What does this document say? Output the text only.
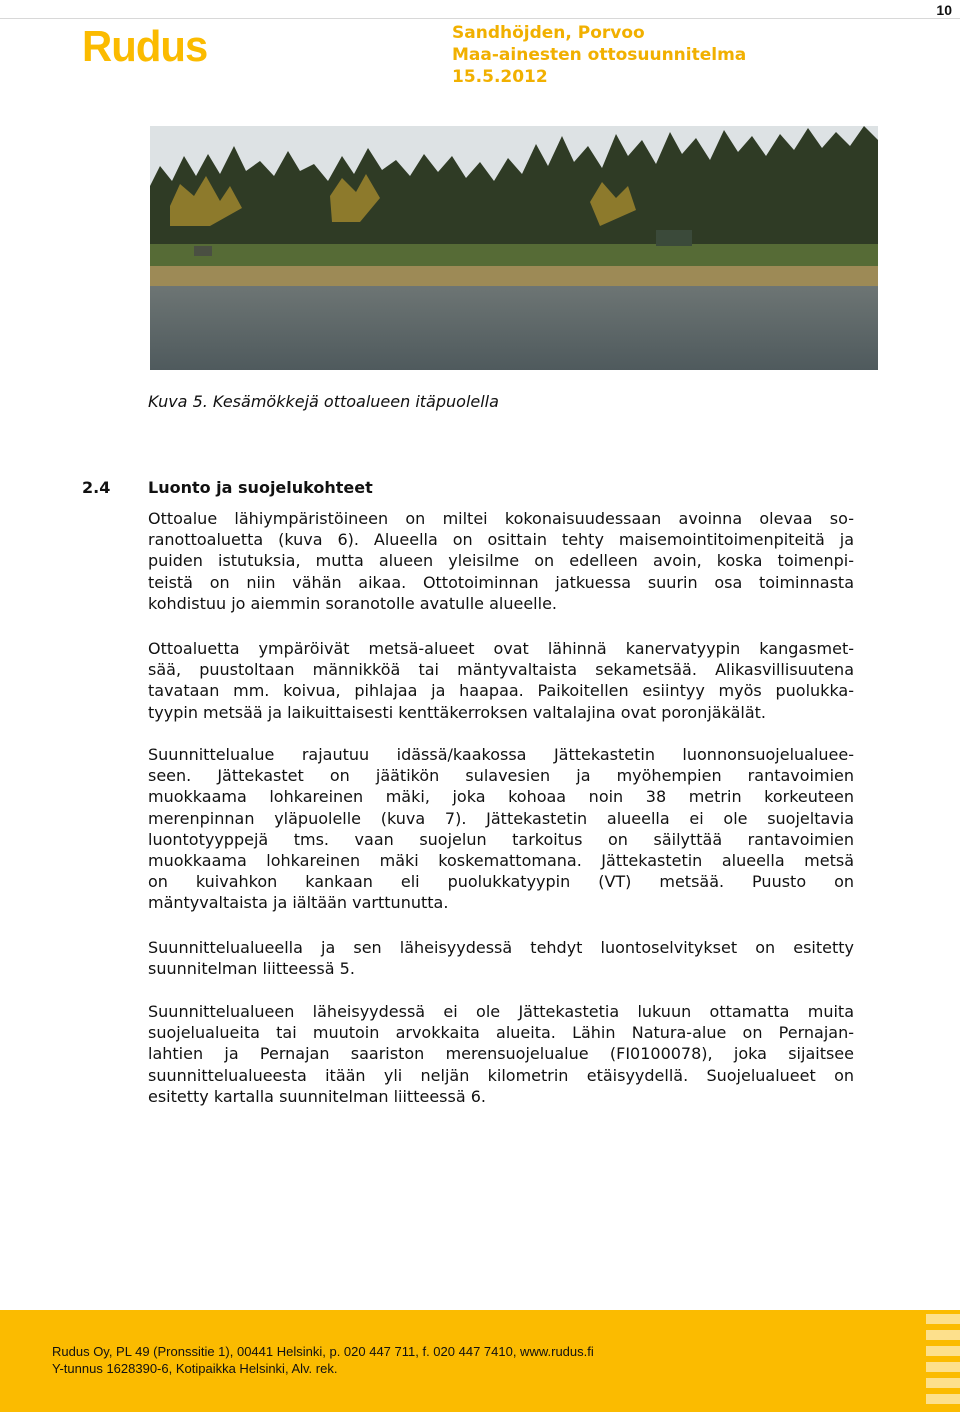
10
Rudus	Sandhöjden, Porvoo
Maa-ainesten ottosuunnitelma
15.5.2012
Kuva 5. Kesämökkejä ottoalueen itäpuolella
2.4 Luonto ja suojelukohteet
Ottoalue lähiympäristöineen on miltei kokonaisuudessaan avoinna olevaa so-
ranottoaluetta (kuva 6). Alueella on osittain tehty maisemointitoimenpiteitä ja
puiden istutuksia, mutta alueen yleisilme on edelleen avoin, koska toimenpi-
teistä on niin vähän aikaa. Ottotoiminnan jatkuessa suurin osa toiminnasta
kohdistuu jo aiemmin soranotolle avatulle alueelle.
Ottoaluetta ympäröivät metsä-alueet ovat lähinnä kanervatyypin kangasmet-
sää, puustoltaan männikköä tai mäntyvaltaista sekametsää. Alikasvillisuutena
tavataan mm. koivua, pihlajaa ja haapaa. Paikoitellen esiintyy myös puolukka-
tyypin metsää ja laikuittaisesti kenttäkerroksen valtalajina ovat poronjäkälät.
Suunnittelualue rajautuu idässä/kaakossa Jättekastetin luonnonsuojelualuee-
seen. Jättekastet on jäätikön sulavesien ja myöhempien rantavoimien
muokkaama lohkareinen mäki, joka kohoaa noin 38 metrin korkeuteen
merenpinnan yläpuolelle (kuva 7). Jättekastetin alueella ei ole suojeltavia
luontotyyppejä tms. vaan suojelun tarkoitus on säilyttää rantavoimien
muokkaama lohkareinen mäki koskemattomana. Jättekastetin alueella metsä
on kuivahkon kankaan eli puolukkatyypin (VT) metsää. Puusto on
mäntyvaltaista ja iältään varttunutta.
Suunnittelualueella ja sen läheisyydessä tehdyt luontoselvitykset on esitetty
suunnitelman liitteessä 5.
Suunnittelualueen läheisyydessä ei ole Jättekastetia lukuun ottamatta muita
suojelualueita tai muutoin arvokkaita alueita. Lähin Natura-alue on Pernajan-
lahtien ja Pernajan saariston merensuojelualue (FI0100078), joka sijaitsee
suunnittelualueesta itään yli neljän kilometrin etäisyydellä. Suojelualueet on
esitetty kartalla suunnitelman liitteessä 6.
Rudus Oy, PL 49 (Pronssitie 1), 00441 Helsinki, p. 020 447 711, f. 020 447 7410, www.rudus.fi
Y-tunnus 1628390-6, Kotipaikka Helsinki, Alv. rek.
